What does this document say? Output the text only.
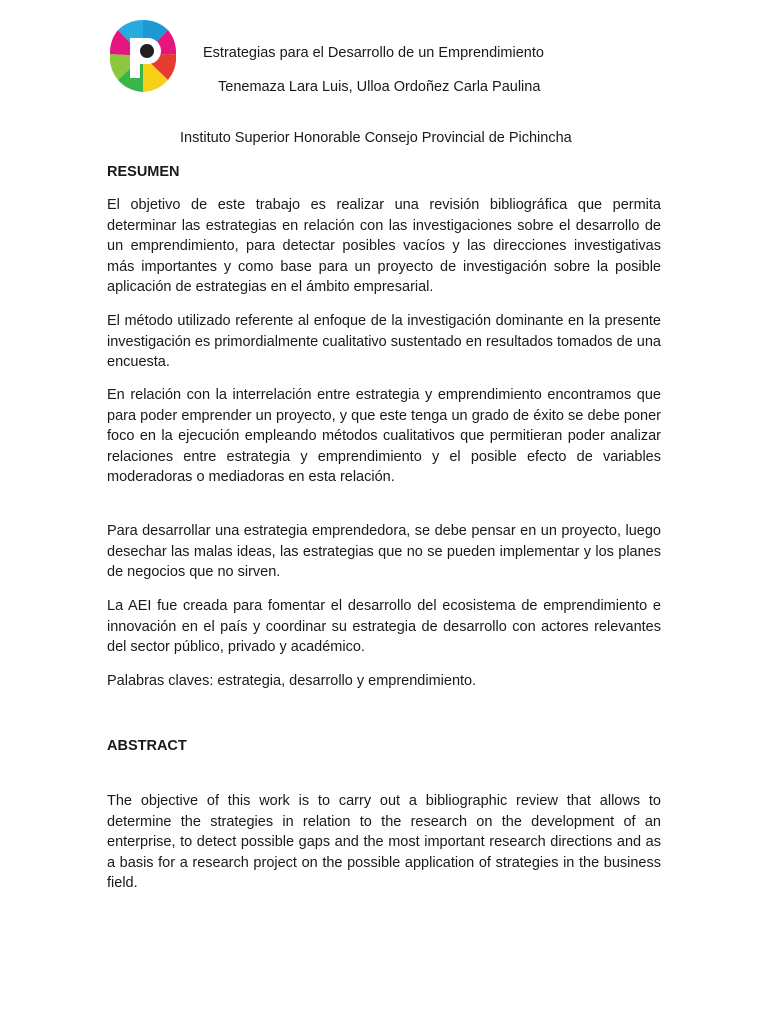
Estrategias para el Desarrollo de un Emprendimiento
Tenemaza Lara Luis, Ulloa Ordoñez Carla Paulina
Instituto Superior Honorable Consejo Provincial de Pichincha
RESUMEN

El objetivo de este trabajo es realizar una revisión bibliográfica que permita determinar las estrategias en relación con las investigaciones sobre el desarrollo de un emprendimiento, para detectar posibles vacíos y las direcciones investigativas más importantes y como base para un proyecto de investigación sobre la posible aplicación de estrategias en el ámbito empresarial.

El método utilizado referente al enfoque de la investigación dominante en la presente investigación es primordialmente cualitativo sustentado en resultados tomados de una encuesta.

En relación con la interrelación entre estrategia y emprendimiento encontramos que para poder emprender un proyecto, y que este tenga un grado de éxito se debe poner foco en la ejecución empleando métodos cualitativos que permitieran poder analizar relaciones entre estrategia y emprendimiento y el posible efecto de variables moderadoras o mediadoras en esta relación.

Para desarrollar una estrategia emprendedora, se debe pensar en un proyecto, luego desechar las malas ideas, las estrategias que no se pueden implementar y los planes de negocios que no sirven.

La AEI fue creada para fomentar el desarrollo del ecosistema de emprendimiento e innovación en el país y coordinar su estrategia de desarrollo con actores relevantes del sector público, privado y académico.

Palabras claves: estrategia, desarrollo y emprendimiento.

ABSTRACT

The objective of this work is to carry out a bibliographic review that allows to determine the strategies in relation to the research on the development of an enterprise, to detect possible gaps and the most important research directions and as a basis for a research project on the possible application of strategies in the business field.
